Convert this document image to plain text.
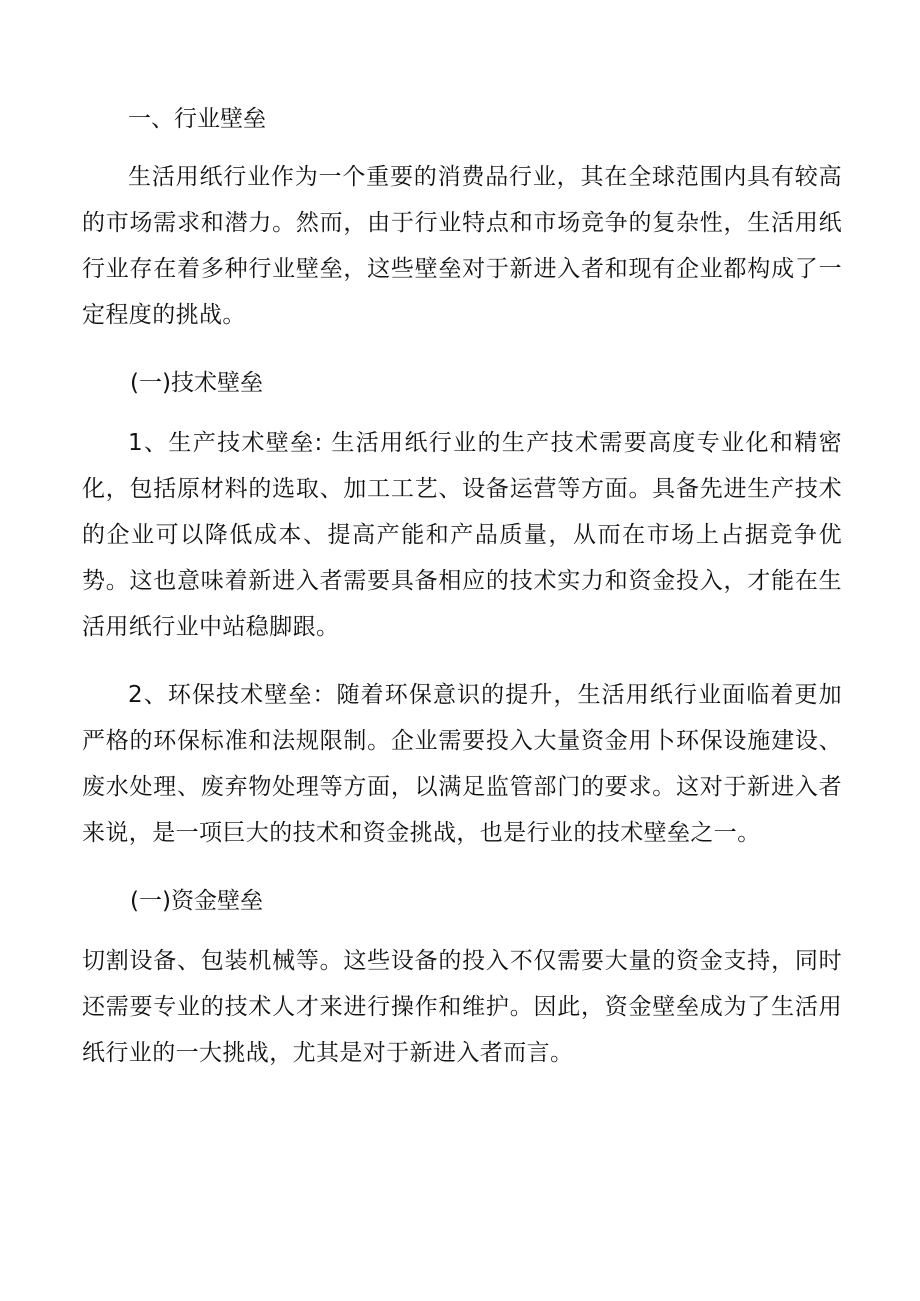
一、行业壁垒

生活用纸行业作为一个重要的消费品行业，其在全球范围内具有较高的市场需求和潜力。然而，由于行业特点和市场竞争的复杂性，生活用纸行业存在着多种行业壁垒，这些壁垒对于新进入者和现有企业都构成了一定程度的挑战。

(一)技术壁垒

1、生产技术壁垒: 生活用纸行业的生产技术需要高度专业化和精密化，包括原材料的选取、加工工艺、设备运营等方面。具备先进生产技术的企业可以降低成本、提高产能和产品质量，从而在市场上占据竞争优势。这也意味着新进入者需要具备相应的技术实力和资金投入，才能在生活用纸行业中站稳脚跟。

2、环保技术壁垒：随着环保意识的提升，生活用纸行业面临着更加严格的环保标准和法规限制。企业需要投入大量资金用卜环保设施建设、废水处理、废弃物处理等方面，以满足监管部门的要求。这对于新进入者来说，是一项巨大的技术和资金挑战，也是行业的技术壁垒之一。

(一)资金壁垒

切割设备、包装机械等。这些设备的投入不仅需要大量的资金支持，同时还需要专业的技术人才来进行操作和维护。因此，资金壁垒成为了生活用纸行业的一大挑战，尤其是对于新进入者而言。
